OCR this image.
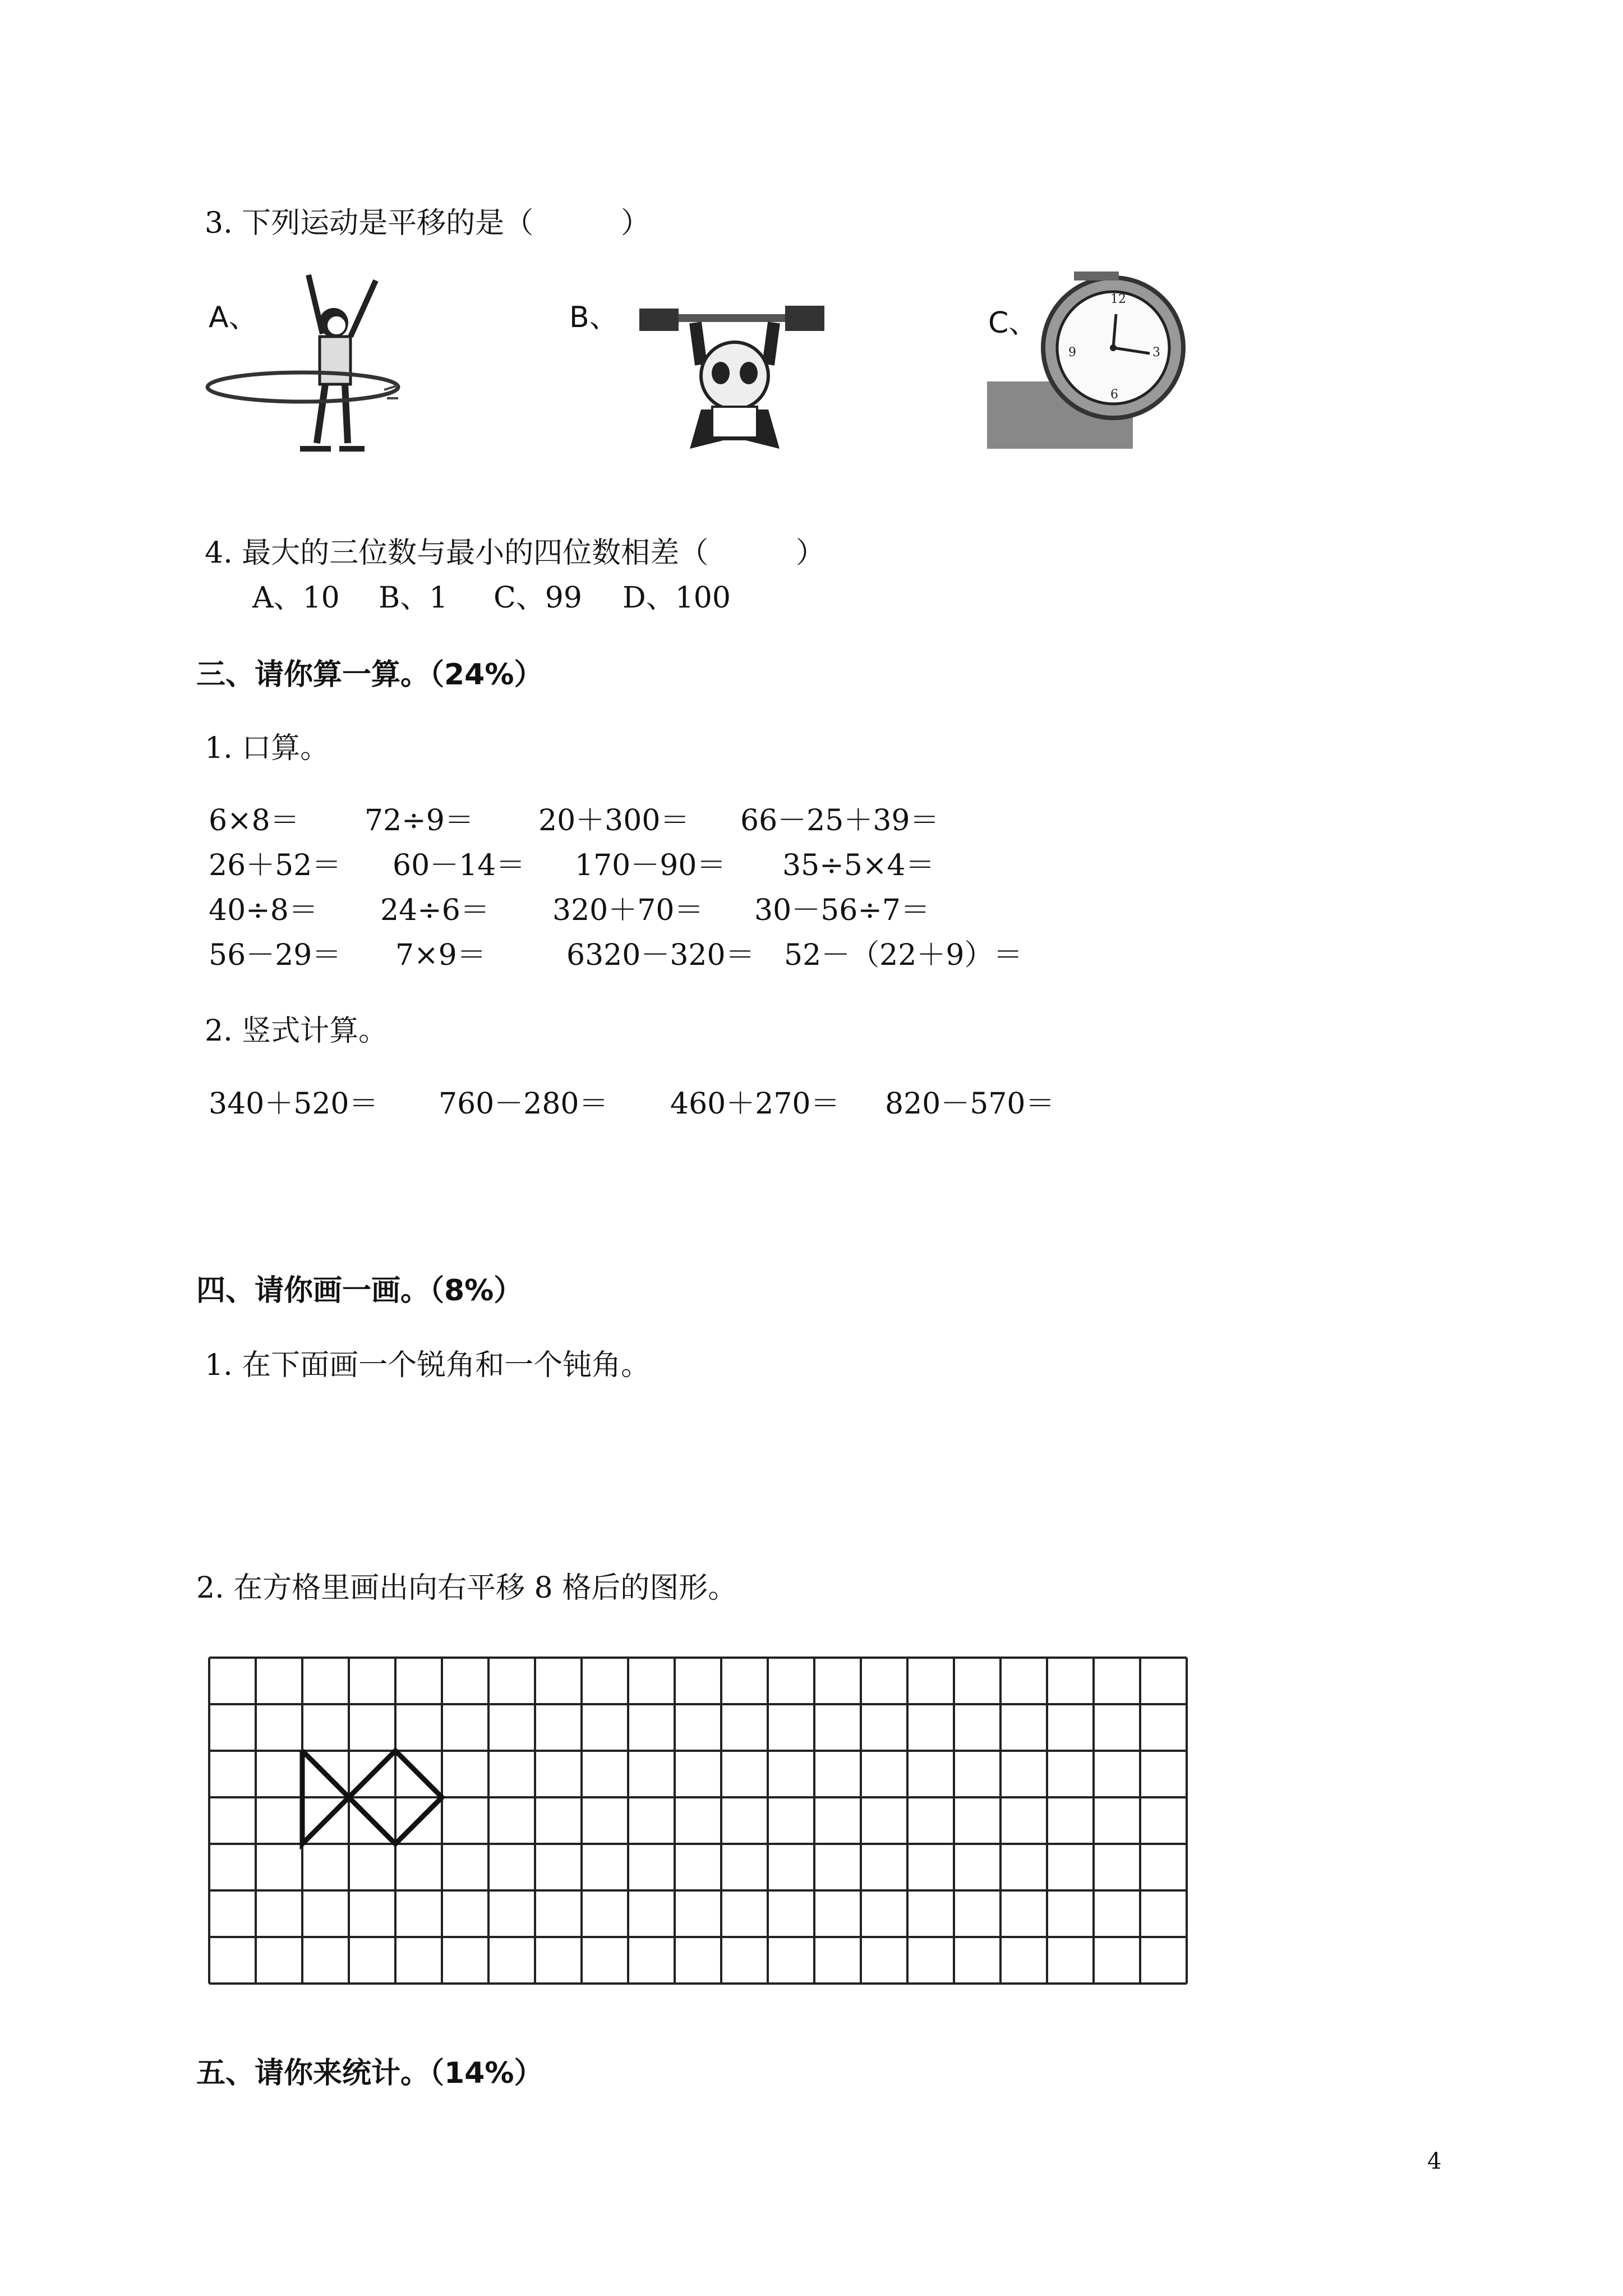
3. 下列运动是平移的是（　　　）
A、	B、	C、
3
12
9
6
4. 最大的三位数与最小的四位数相差（　　　）
A、10 B、1 C、99 D、100
三、请你算一算。（24%）
1. 口算。
6×8＝ 72÷9＝ 20＋300＝ 66－25＋39＝
26＋52＝ 60－14＝ 170－90＝ 35÷5×4＝
40÷8＝ 24÷6＝ 320＋70＝ 30－56÷7＝
56－29＝ 7×9＝	6320－320＝ 52－（22＋9）＝
2. 竖式计算。
340＋520＝ 760－280＝ 460＋270＝ 820－570＝
四、请你画一画。（8%）
1. 在下面画一个锐角和一个钝角。
2. 在方格里画出向右平移 8 格后的图形。
五、请你来统计。（14%）
4
